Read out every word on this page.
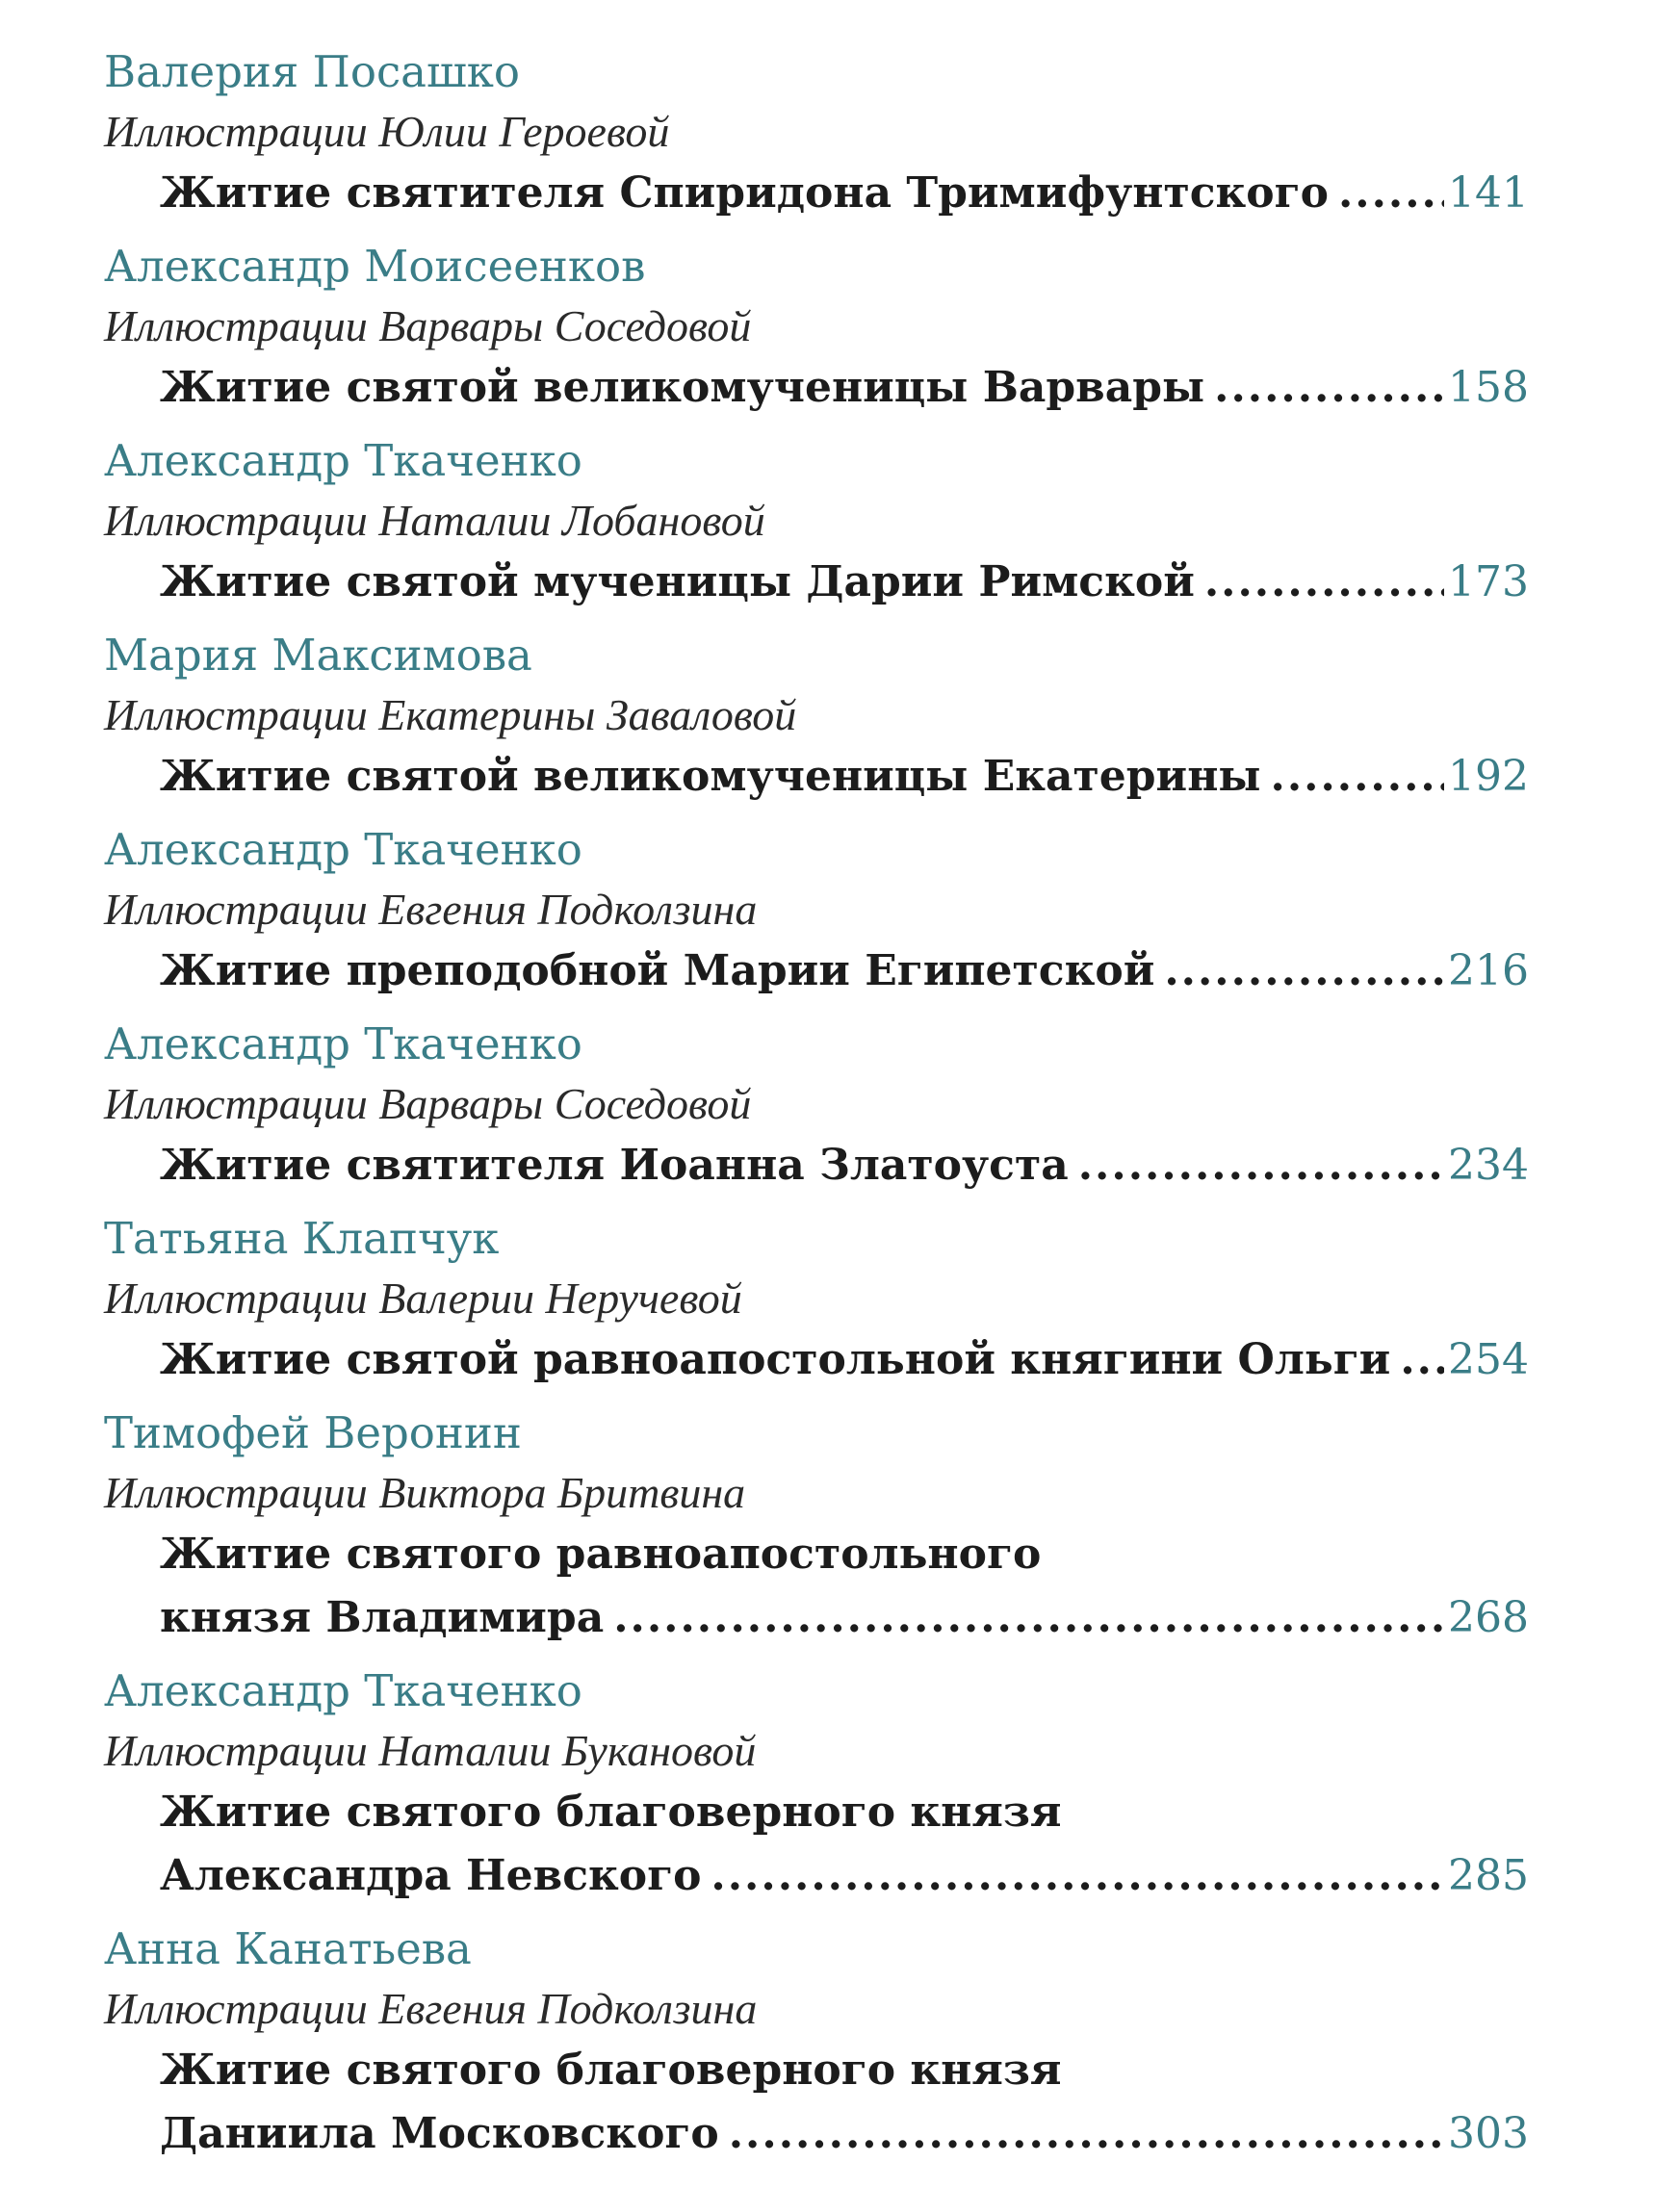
Валерия Посашко
Иллюстрации Юлии Героевой
Житие святителя Спиридона Тримифунтского .....	141
Александр Моисеенков
Иллюстрации Варвары Соседовой
Житие святой великомученицы Варвары .....	158
Александр Ткаченко
Иллюстрации Наталии Лобановой
Житие святой мученицы Дарии Римской .....	173
Мария Максимова
Иллюстрации Екатерины Заваловой
Житие святой великомученицы Екатерины .....	192
Александр Ткаченко
Иллюстрации Евгения Подколзина
Житие преподобной Марии Египетской .....	216
Александр Ткаченко
Иллюстрации Варвары Соседовой
Житие святителя Иоанна Златоуста .....	234
Татьяна Клапчук
Иллюстрации Валерии Неручевой
Житие святой равноапостольной княгини Ольги ..... 254
Тимофей Веронин
Иллюстрации Виктора Бритвина
Житие святого равноапостольного
князя Владимира .....	268
Александр Ткаченко
Иллюстрации Наталии Букановой
Житие святого благоверного князя
Александра Невского .....	285
Анна Канатьева
Иллюстрации Евгения Подколзина
Житие святого благоверного князя
Даниила Московского .....	303
